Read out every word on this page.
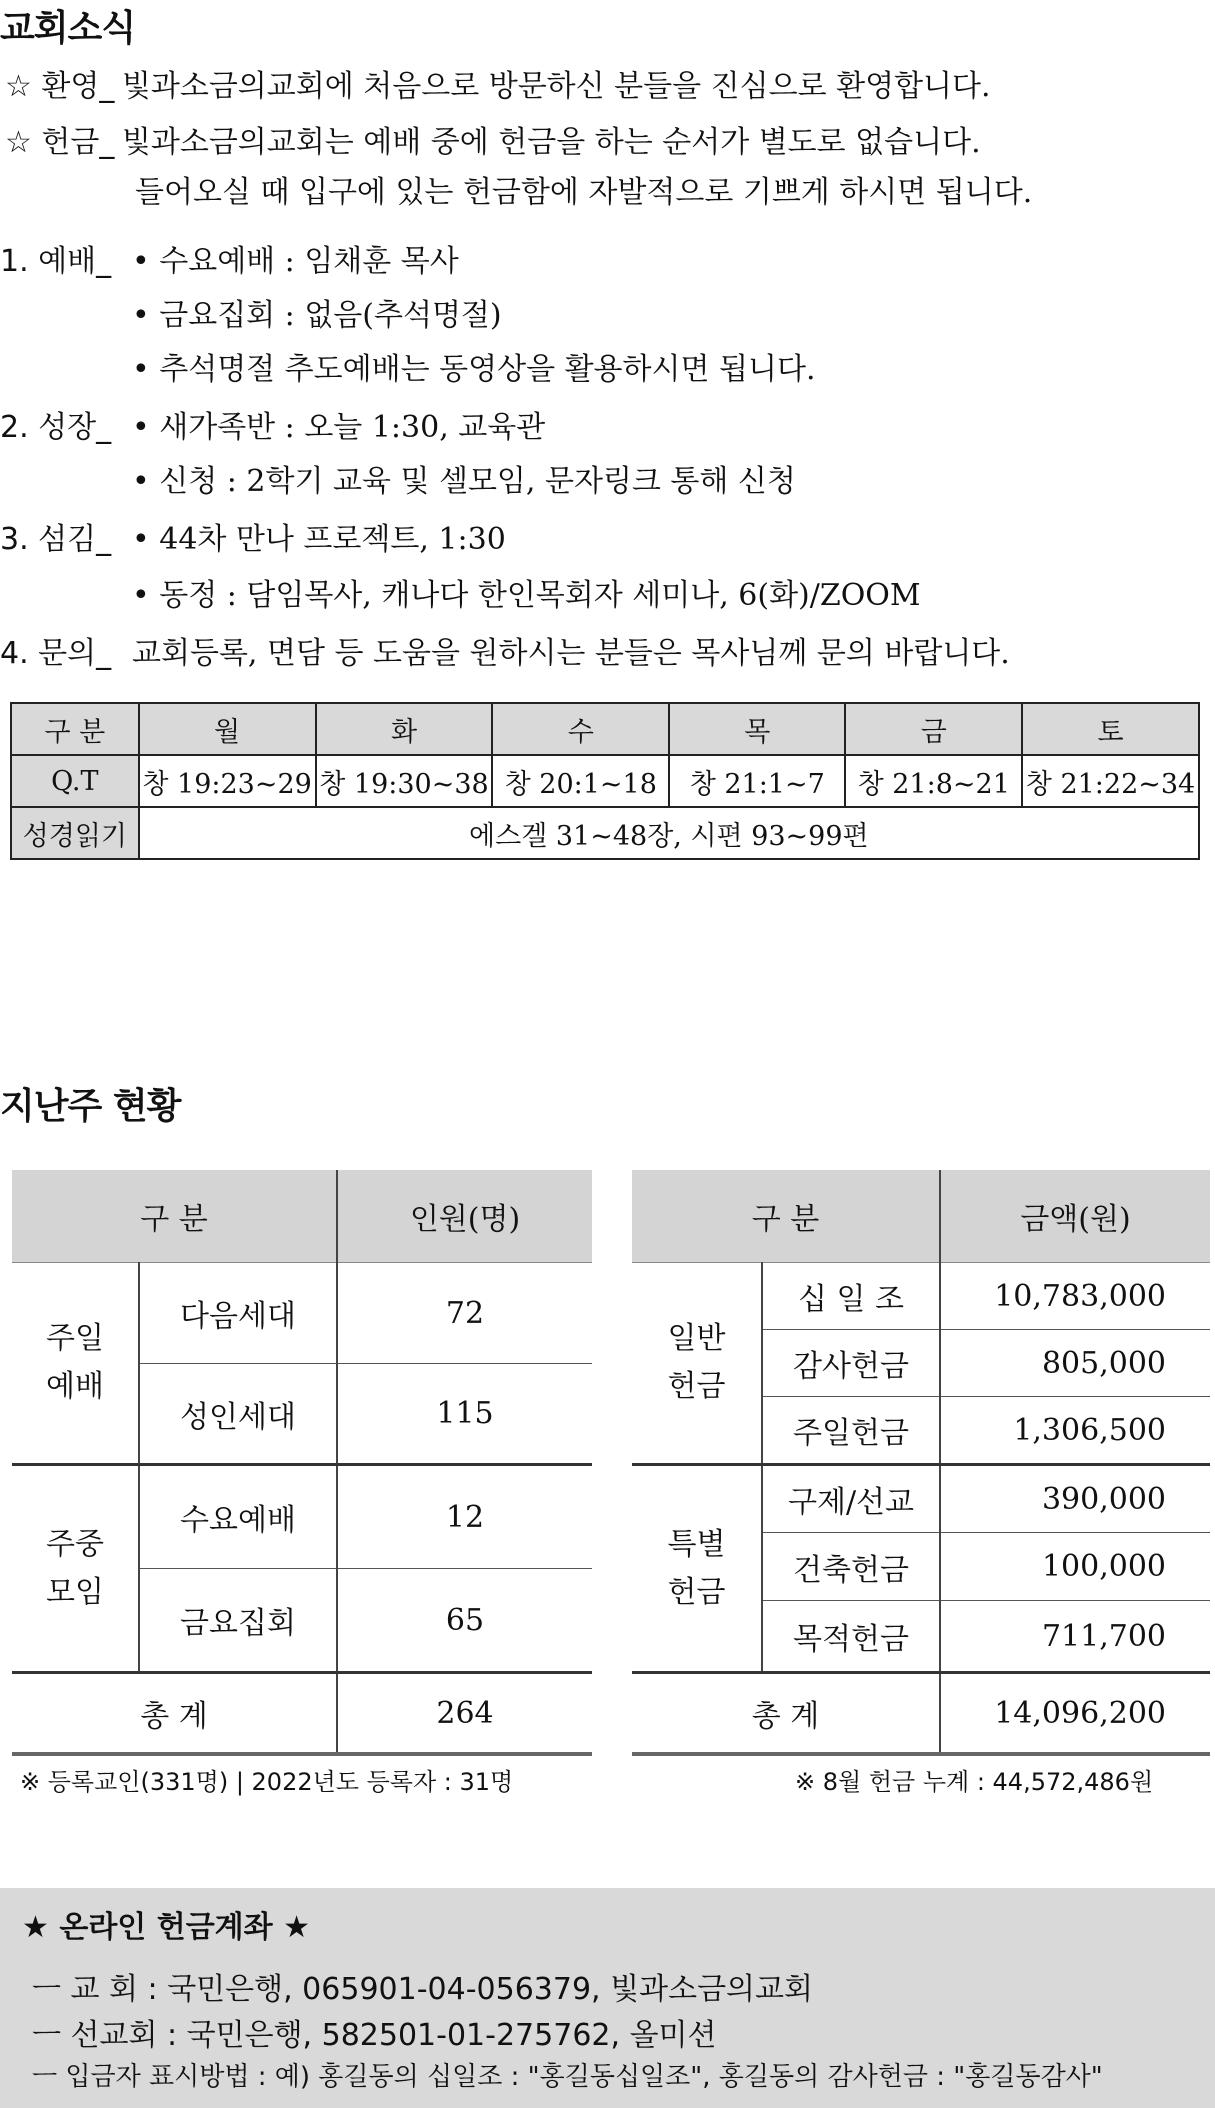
교회소식
☆ 환영_ 빛과소금의교회에 처음으로 방문하신 분들을 진심으로 환영합니다.
☆ 헌금_ 빛과소금의교회는 예배 중에 헌금을 하는 순서가 별도로 없습니다.
들어오실 때 입구에 있는 헌금함에 자발적으로 기쁘게 하시면 됩니다.
1. 예배_ • 수요예배 : 임채훈 목사
• 금요집회 : 없음(추석명절)
• 추석명절 추도예배는 동영상을 활용하시면 됩니다.
2. 성장_ • 새가족반 : 오늘 1:30, 교육관
• 신청 : 2학기 교육 및 셀모임, 문자링크 통해 신청
3. 섬김_ • 44차 만나 프로젝트, 1:30
• 동정 : 담임목사, 캐나다 한인목회자 세미나, 6(화)/ZOOM
4. 문의_ 교회등록, 면담 등 도움을 원하시는 분들은 목사님께 문의 바랍니다.
구 분	월	화	수	목	금	토
Q.T	창 19:23~29	창 19:30~38	창 20:1~18	창 21:1~7	창 21:8~21	창 21:22~34
성경읽기	에스겔 31~48장, 시편 93~99편					
지난주 현황
구 분		인원(명)
주일
예배	다음세대	72
	성인세대	115
주중
모임	수요예배	12
	금요집회	65
총 계		264
구 분		금액(원)
일반
헌금	십 일 조	10,783,000
	감사헌금	805,000
	주일헌금	1,306,500
특별
헌금	구제/선교	390,000
	건축헌금	100,000
	목적헌금	711,700
총 계		14,096,200
※ 등록교인(331명) | 2022년도 등록자 : 31명	※ 8월 헌금 누계 : 44,572,486원
★ 온라인 헌금계좌 ★
ㅡ 교 회 : 국민은행, 065901-04-056379, 빛과소금의교회
ㅡ 선교회 : 국민은행, 582501-01-275762, 올미션
ㅡ 입금자 표시방법 : 예) 홍길동의 십일조 : "홍길동십일조", 홍길동의 감사헌금 : "홍길동감사"
